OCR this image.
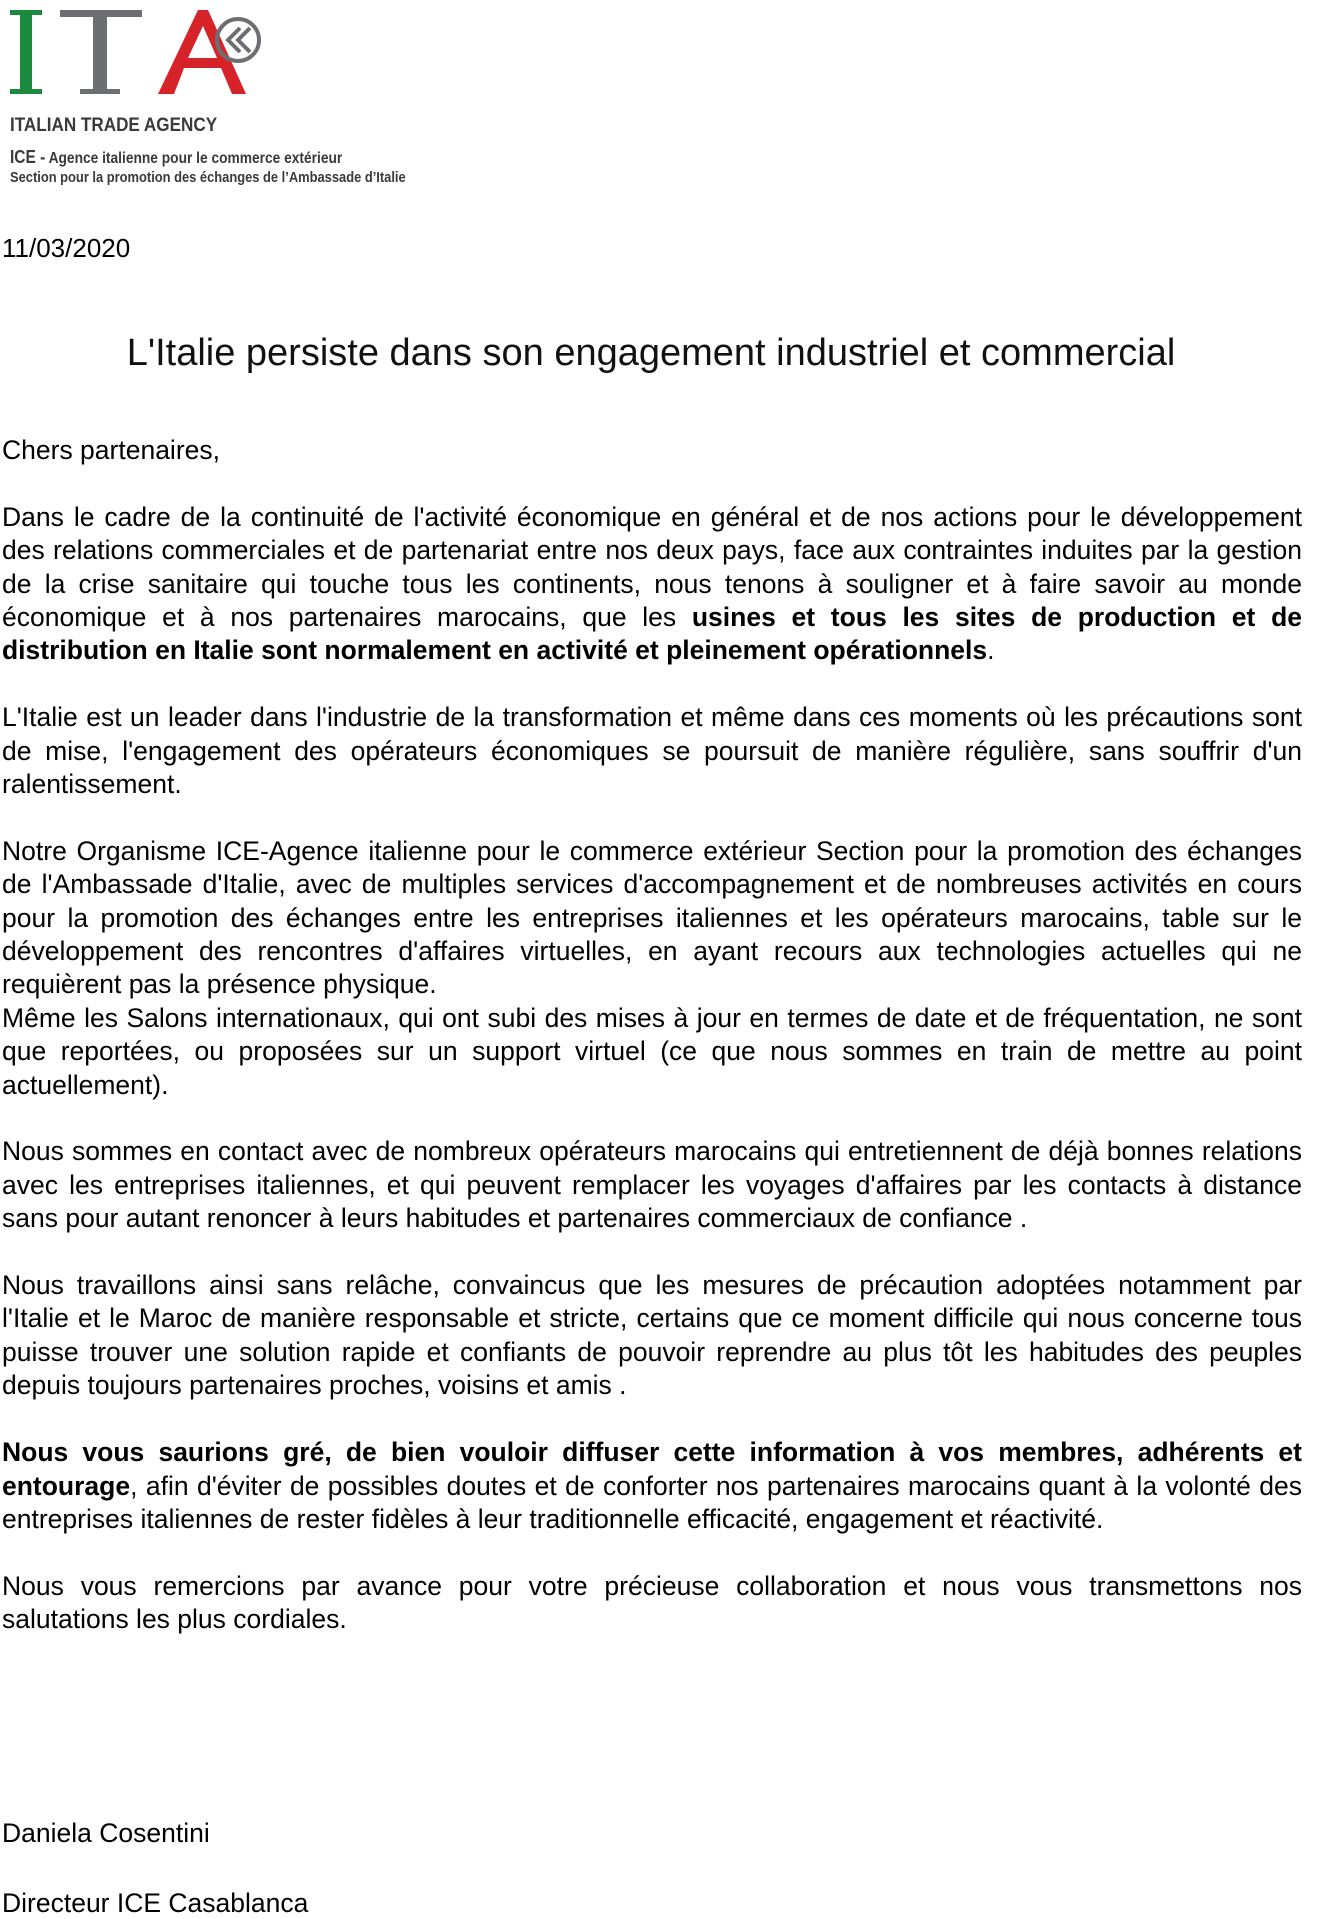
ITALIAN TRADE AGENCY
ICE - Agence italienne pour le commerce extérieur
Section pour la promotion des échanges de l’Ambassade d’Italie
11/03/2020
L'Italie persiste dans son engagement industriel et commercial

Chers partenaires,

Dans le cadre de la continuité de l'activité économique en général et de nos actions pour le développement des relations commerciales et de partenariat entre nos deux pays, face aux contraintes induites par la gestion de la crise sanitaire qui touche tous les continents, nous tenons à souligner et à faire savoir au monde économique et à nos partenaires marocains, que les usines et tous les sites de production et de distribution en Italie sont normalement en activité et pleinement opérationnels.

L'Italie est un leader dans l'industrie de la transformation et même dans ces moments où les précautions sont de mise, l'engagement des opérateurs économiques se poursuit de manière régulière, sans souffrir d'un ralentissement.

Notre Organisme ICE-Agence italienne pour le commerce extérieur Section pour la promotion des échanges de l'Ambassade d'Italie, avec de multiples services d'accompagnement et de nombreuses activités en cours pour la promotion des échanges entre les entreprises italiennes et les opérateurs marocains, table sur le développement des rencontres d'affaires virtuelles, en ayant recours aux technologies actuelles qui ne requièrent pas la présence physique.

Même les Salons internationaux, qui ont subi des mises à jour en termes de date et de fréquentation, ne sont que reportées, ou proposées sur un support virtuel (ce que nous sommes en train de mettre au point actuellement).

Nous sommes en contact avec de nombreux opérateurs marocains qui entretiennent de déjà bonnes relations avec les entreprises italiennes, et qui peuvent remplacer les voyages d'affaires par les contacts à distance sans pour autant renoncer à leurs habitudes et partenaires commerciaux de confiance .

Nous travaillons ainsi sans relâche, convaincus que les mesures de précaution adoptées notamment par l'Italie et le Maroc de manière responsable et stricte, certains que ce moment difficile qui nous concerne tous puisse trouver une solution rapide et confiants de pouvoir reprendre au plus tôt les habitudes des peuples depuis toujours partenaires proches, voisins et amis .

Nous vous saurions gré, de bien vouloir diffuser cette information à vos membres, adhérents et entourage, afin d'éviter de possibles doutes et de conforter nos partenaires marocains quant à la volonté des entreprises italiennes de rester fidèles à leur traditionnelle efficacité, engagement et réactivité.

Nous vous remercions par avance pour votre précieuse collaboration et nous vous transmettons nos salutations les plus cordiales.

Daniela Cosentini
Directeur ICE Casablanca
